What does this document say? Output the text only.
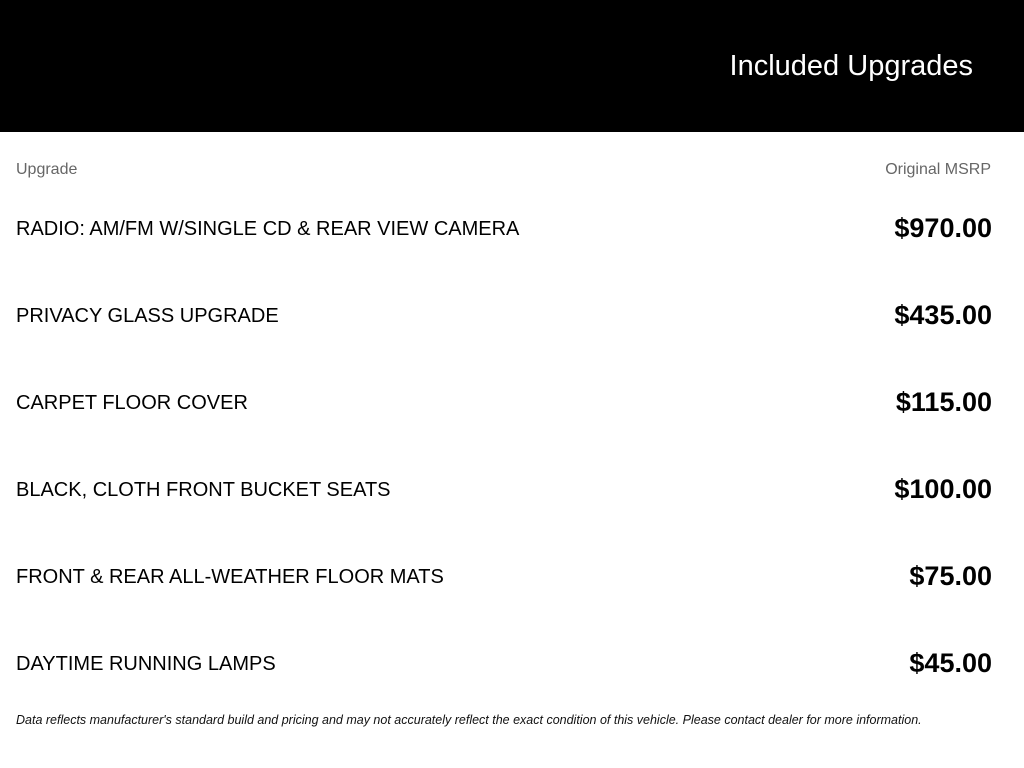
Included Upgrades
Upgrade	Original MSRP
RADIO: AM/FM W/SINGLE CD & REAR VIEW CAMERA	$970.00
PRIVACY GLASS UPGRADE	$435.00
CARPET FLOOR COVER	$115.00
BLACK, CLOTH FRONT BUCKET SEATS	$100.00
FRONT & REAR ALL-WEATHER FLOOR MATS	$75.00
DAYTIME RUNNING LAMPS	$45.00

Data reflects manufacturer's standard build and pricing and may not accurately reflect the exact condition of this vehicle. Please contact dealer for more information.
